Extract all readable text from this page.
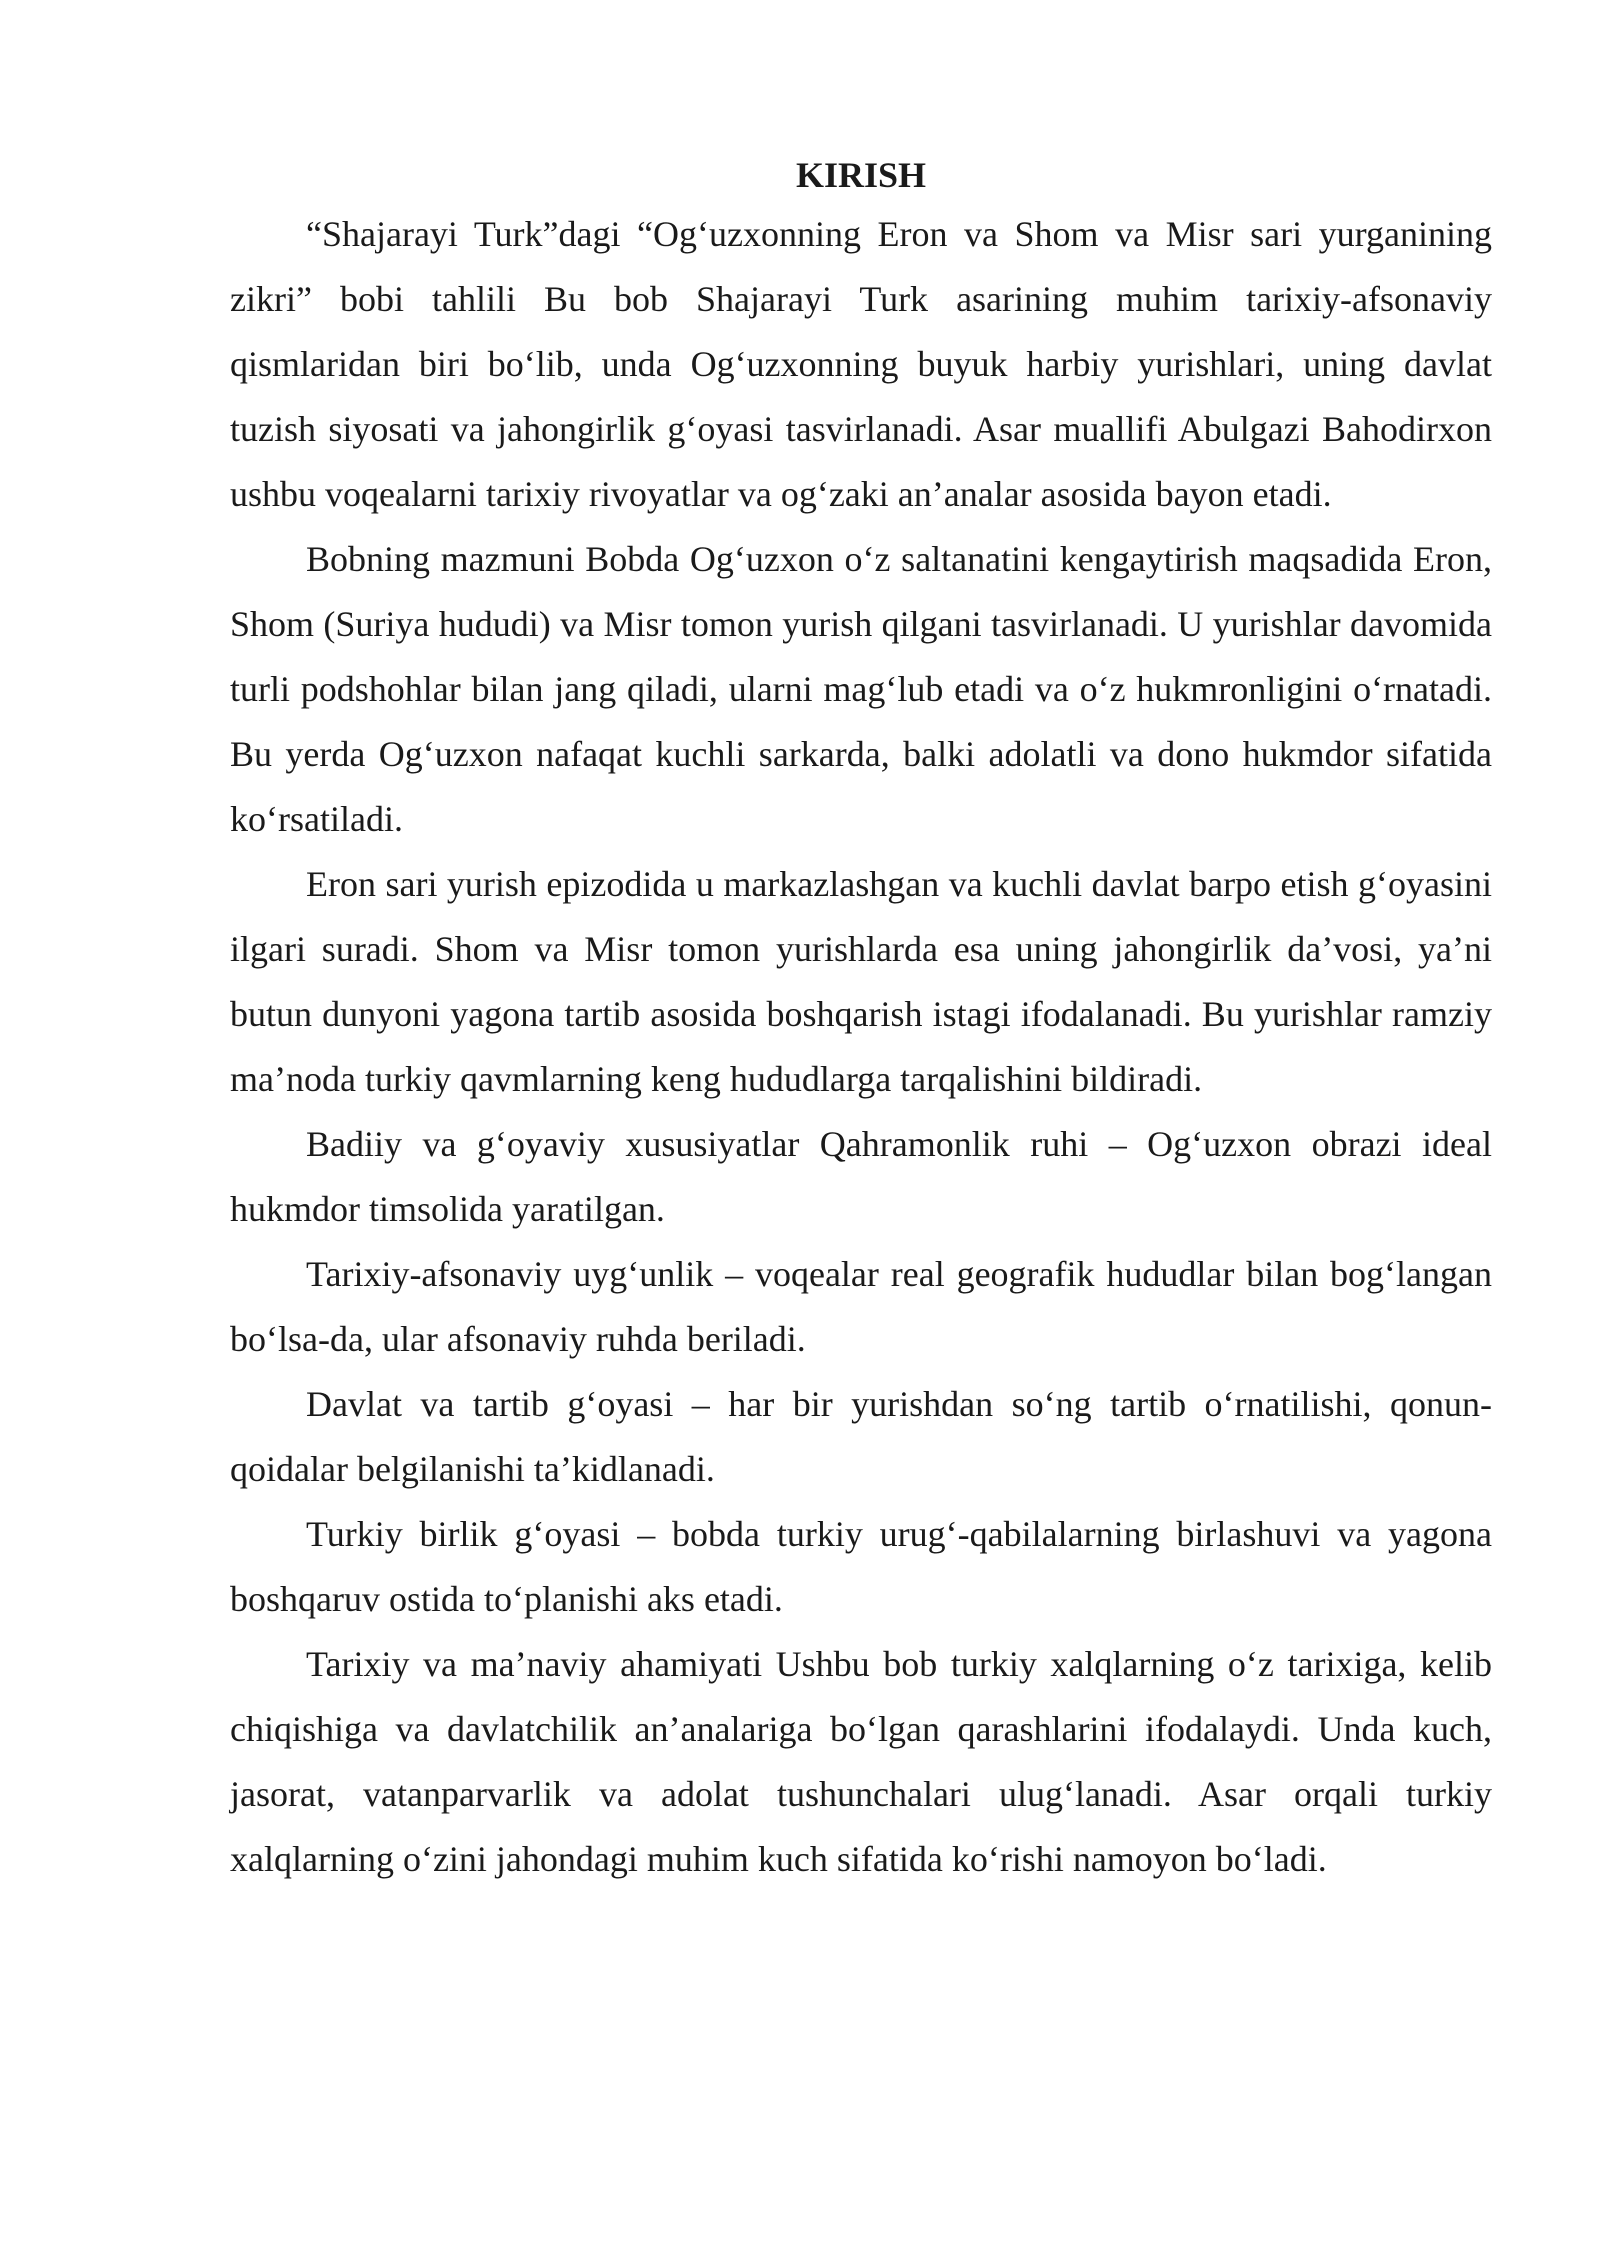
KIRISH

“Shajarayi Turk”dagi “Og‘uzxonning Eron va Shom va Misr sari yurganining zikri” bobi tahlili Bu bob Shajarayi Turk asarining muhim tarixiy-afsonaviy qismlaridan biri bo‘lib, unda Og‘uzxonning buyuk harbiy yurishlari, uning davlat tuzish siyosati va jahongirlik g‘oyasi tasvirlanadi. Asar muallifi Abulgazi Bahodirxon ushbu voqealarni tarixiy rivoyatlar va og‘zaki an’analar asosida bayon etadi.

Bobning mazmuni Bobda Og‘uzxon o‘z saltanatini kengaytirish maqsadida Eron, Shom (Suriya hududi) va Misr tomon yurish qilgani tasvirlanadi. U yurishlar davomida turli podshohlar bilan jang qiladi, ularni mag‘lub etadi va o‘z hukmronligini o‘rnatadi. Bu yerda Og‘uzxon nafaqat kuchli sarkarda, balki adolatli va dono hukmdor sifatida ko‘rsatiladi.

Eron sari yurish epizodida u markazlashgan va kuchli davlat barpo etish g‘oyasini ilgari suradi. Shom va Misr tomon yurishlarda esa uning jahongirlik da’vosi, ya’ni butun dunyoni yagona tartib asosida boshqarish istagi ifodalanadi. Bu yurishlar ramziy ma’noda turkiy qavmlarning keng hududlarga tarqalishini bildiradi.

Badiiy va g‘oyaviy xususiyatlar Qahramonlik ruhi – Og‘uzxon obrazi ideal hukmdor timsolida yaratilgan.

Tarixiy-afsonaviy uyg‘unlik – voqealar real geografik hududlar bilan bog‘langan bo‘lsa-da, ular afsonaviy ruhda beriladi.

Davlat va tartib g‘oyasi – har bir yurishdan so‘ng tartib o‘rnatilishi, qonun-qoidalar belgilanishi ta’kidlanadi.

Turkiy birlik g‘oyasi – bobda turkiy urug‘-qabilalarning birlashuvi va yagona boshqaruv ostida to‘planishi aks etadi.

Tarixiy va ma’naviy ahamiyati Ushbu bob turkiy xalqlarning o‘z tarixiga, kelib chiqishiga va davlatchilik an’analariga bo‘lgan qarashlarini ifodalaydi. Unda kuch, jasorat, vatanparvarlik va adolat tushunchalari ulug‘lanadi. Asar orqali turkiy xalqlarning o‘zini jahondagi muhim kuch sifatida ko‘rishi namoyon bo‘ladi.
